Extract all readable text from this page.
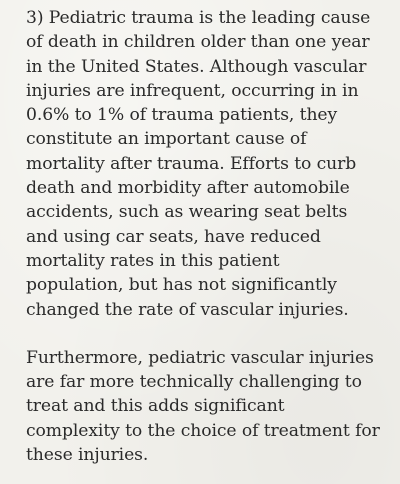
3) Pediatric trauma is the leading cause of death in children older than one year in the United States. Although vascular injuries are infrequent, occurring in in 0.6% to 1% of trauma patients, they constitute an important cause of mortality after trauma. Efforts to curb death and morbidity after automobile accidents, such as wearing seat belts and using car seats, have reduced mortality rates in this patient population, but has not significantly changed the rate of vascular injuries.

Furthermore, pediatric vascular injuries are far more technically challenging to treat and this adds significant complexity to the choice of treatment for these injuries.
